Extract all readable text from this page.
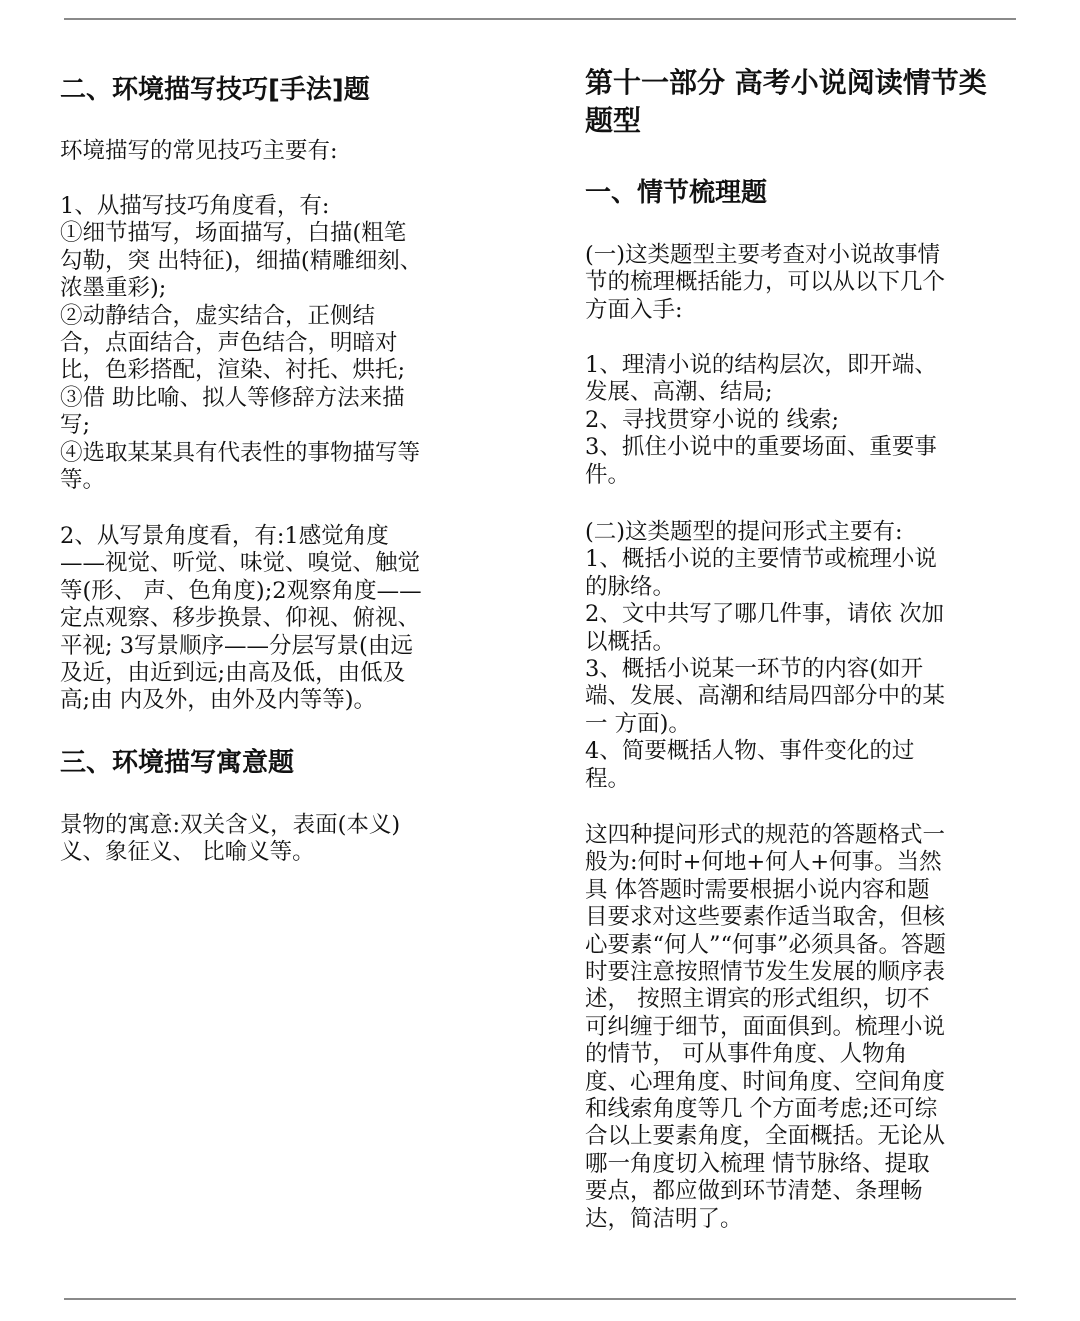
二、环境描写技巧[手法]题

环境描写的常见技巧主要有:

1、从描写技巧角度看，有:
①细节描写，场面描写，白描(粗笔
勾勒，突 出特征)，细描(精雕细刻、
浓墨重彩);
②动静结合，虚实结合，正侧结
合，点面结合，声色结合，明暗对
比，色彩搭配，渲染、衬托、烘托;
③借 助比喻、拟人等修辞方法来描
写;
④选取某某具有代表性的事物描写等
等。

2、从写景角度看，有:1感觉角度
——视觉、听觉、味觉、嗅觉、触觉
等(形、 声、色角度);2观察角度——
定点观察、移步换景、仰视、俯视、
平视; 3写景顺序——分层写景(由远
及近，由近到远;由高及低，由低及
高;由 内及外，由外及内等等)。

三、环境描写寓意题

景物的寓意:双关含义，表面(本义)
义、象征义、 比喻义等。

第十一部分 高考小说阅读情节类
题型
一、情节梳理题

(一)这类题型主要考查对小说故事情
节的梳理概括能力，可以从以下几个
方面入手:

1、理清小说的结构层次，即开端、
发展、高潮、结局;
2、寻找贯穿小说的 线索;
3、抓住小说中的重要场面、重要事
件。

(二)这类题型的提问形式主要有:
1、概括小说的主要情节或梳理小说
的脉络。
2、文中共写了哪几件事，请依 次加
以概括。
3、概括小说某一环节的内容(如开
端、发展、高潮和结局四部分中的某
一 方面)。
4、简要概括人物、事件变化的过
程。

这四种提问形式的规范的答题格式一
般为:何时+何地+何人+何事。当然
具 体答题时需要根据小说内容和题
目要求对这些要素作适当取舍，但核
心要素“何人”“何事”必须具备。答题
时要注意按照情节发生发展的顺序表
述， 按照主谓宾的形式组织，切不
可纠缠于细节，面面俱到。梳理小说
的情节， 可从事件角度、人物角
度、心理角度、时间角度、空间角度
和线索角度等几 个方面考虑;还可综
合以上要素角度，全面概括。无论从
哪一角度切入梳理 情节脉络、提取
要点，都应做到环节清楚、条理畅
达，简洁明了。
